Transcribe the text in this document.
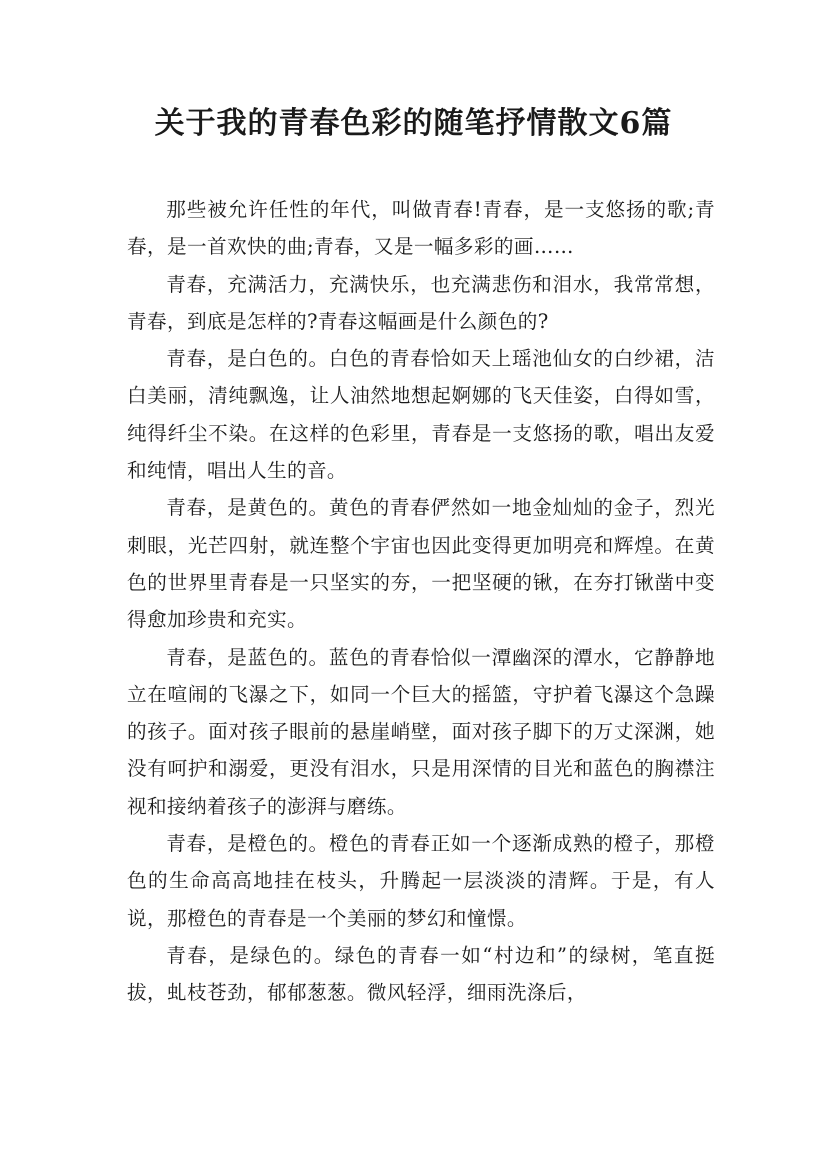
关于我的青春色彩的随笔抒情散文6篇

那些被允许任性的年代，叫做青春!青春，是一支悠扬的歌;青春，是一首欢快的曲;青春，又是一幅多彩的画……

青春，充满活力，充满快乐，也充满悲伤和泪水，我常常想，青春，到底是怎样的?青春这幅画是什么颜色的?

青春，是白色的。白色的青春恰如天上瑶池仙女的白纱裙，洁白美丽，清纯飘逸，让人油然地想起婀娜的飞天佳姿，白得如雪，纯得纤尘不染。在这样的色彩里，青春是一支悠扬的歌，唱出友爱和纯情，唱出人生的音。

青春，是黄色的。黄色的青春俨然如一地金灿灿的金子，烈光刺眼，光芒四射，就连整个宇宙也因此变得更加明亮和辉煌。在黄色的世界里青春是一只坚实的夯，一把坚硬的锹，在夯打锹凿中变得愈加珍贵和充实。

青春，是蓝色的。蓝色的青春恰似一潭幽深的潭水，它静静地立在喧闹的飞瀑之下，如同一个巨大的摇篮，守护着飞瀑这个急躁的孩子。面对孩子眼前的悬崖峭壁，面对孩子脚下的万丈深渊，她没有呵护和溺爱，更没有泪水，只是用深情的目光和蓝色的胸襟注视和接纳着孩子的澎湃与磨练。

青春，是橙色的。橙色的青春正如一个逐渐成熟的橙子，那橙色的生命高高地挂在枝头，升腾起一层淡淡的清辉。于是，有人说，那橙色的青春是一个美丽的梦幻和憧憬。

青春，是绿色的。绿色的青春一如“村边和”的绿树，笔直挺拔，虬枝苍劲，郁郁葱葱。微风轻浮，细雨洗涤后，
